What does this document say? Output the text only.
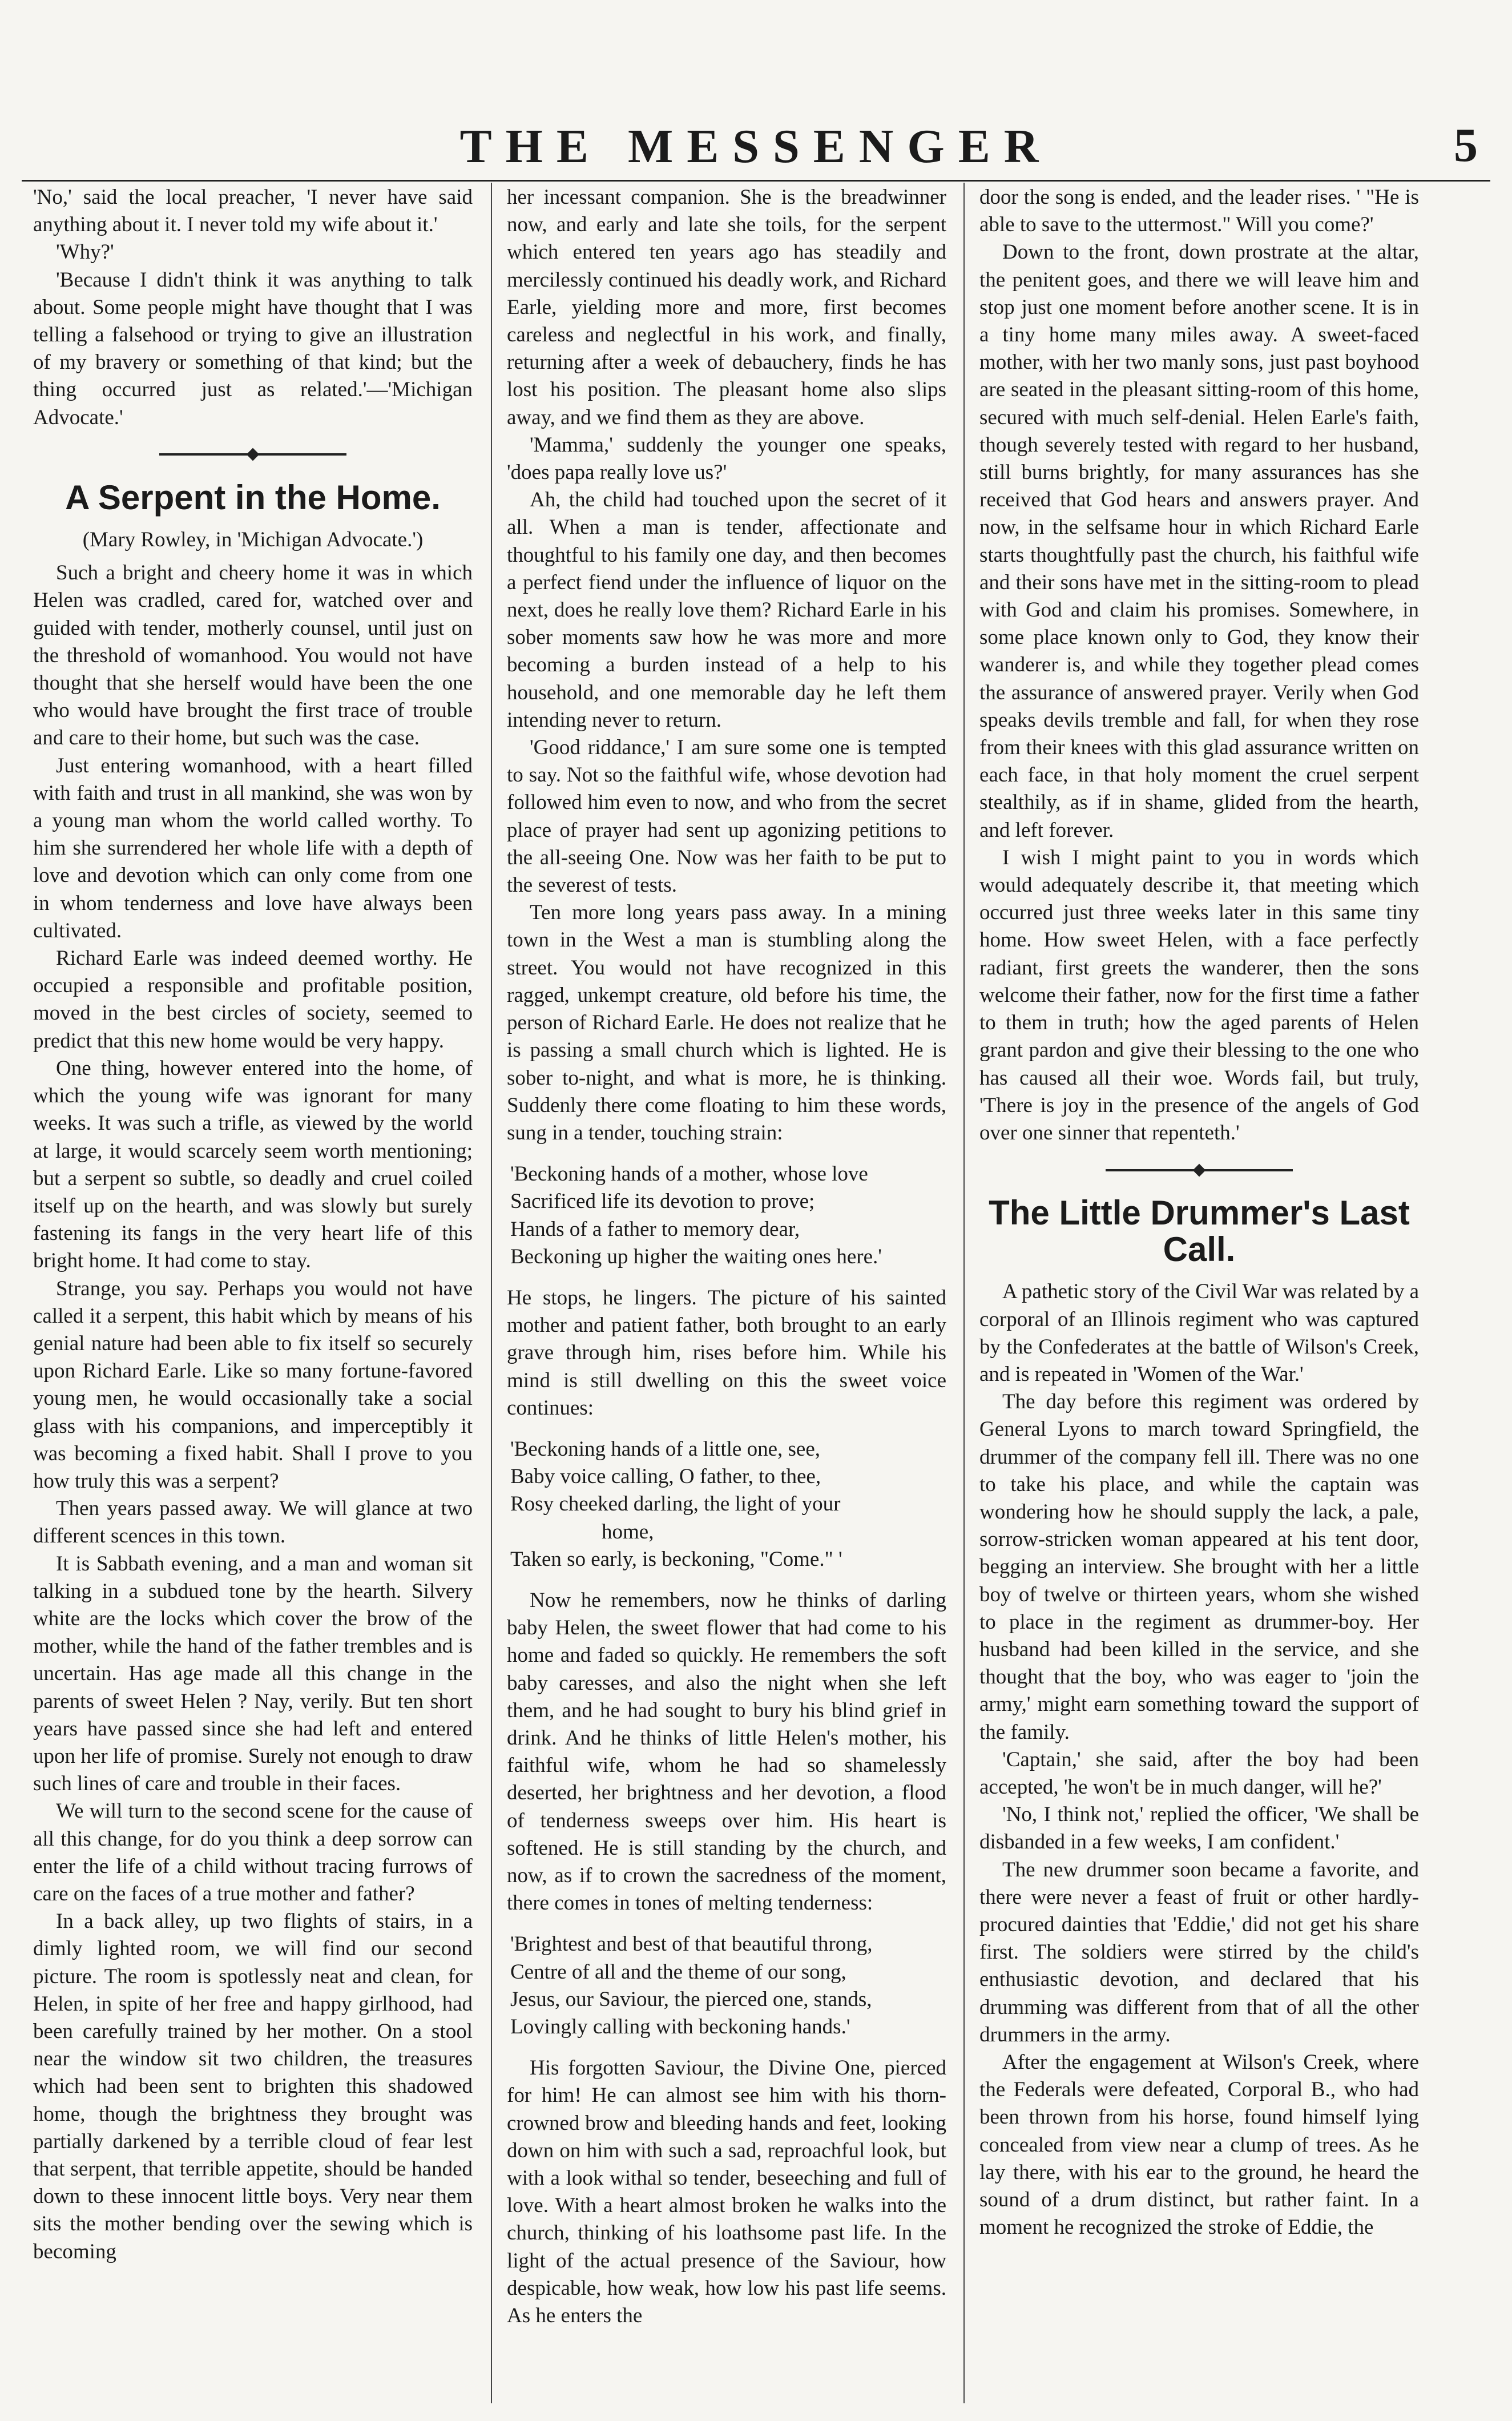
THE MESSENGER	5

'No,' said the local preacher, 'I never have said anything about it. I never told my wife about it.'

'Why?'

'Because I didn't think it was anything to talk about. Some people might have thought that I was telling a falsehood or trying to give an illustration of my bravery or something of that kind; but the thing occurred just as related.'—'Michigan Advocate.'

A Serpent in the Home.

(Mary Rowley, in 'Michigan Advocate.')

Such a bright and cheery home it was in which Helen was cradled, cared for, watched over and guided with tender, motherly counsel, until just on the threshold of womanhood. You would not have thought that she herself would have been the one who would have brought the first trace of trouble and care to their home, but such was the case.

Just entering womanhood, with a heart filled with faith and trust in all mankind, she was won by a young man whom the world called worthy. To him she surrendered her whole life with a depth of love and devotion which can only come from one in whom tenderness and love have always been cultivated.

Richard Earle was indeed deemed worthy. He occupied a responsible and profitable position, moved in the best circles of society, seemed to predict that this new home would be very happy.

One thing, however entered into the home, of which the young wife was ignorant for many weeks. It was such a trifle, as viewed by the world at large, it would scarcely seem worth mentioning; but a serpent so subtle, so deadly and cruel coiled itself up on the hearth, and was slowly but surely fastening its fangs in the very heart life of this bright home. It had come to stay.

Strange, you say. Perhaps you would not have called it a serpent, this habit which by means of his genial nature had been able to fix itself so securely upon Richard Earle. Like so many fortune-favored young men, he would occasionally take a social glass with his companions, and imperceptibly it was becoming a fixed habit. Shall I prove to you how truly this was a serpent?

Then years passed away. We will glance at two different scences in this town.

It is Sabbath evening, and a man and woman sit talking in a subdued tone by the hearth. Silvery white are the locks which cover the brow of the mother, while the hand of the father trembles and is uncertain. Has age made all this change in the parents of sweet Helen ? Nay, verily. But ten short years have passed since she had left and entered upon her life of promise. Surely not enough to draw such lines of care and trouble in their faces.

We will turn to the second scene for the cause of all this change, for do you think a deep sorrow can enter the life of a child without tracing furrows of care on the faces of a true mother and father?

In a back alley, up two flights of stairs, in a dimly lighted room, we will find our second picture. The room is spotlessly neat and clean, for Helen, in spite of her free and happy girlhood, had been carefully trained by her mother. On a stool near the window sit two children, the treasures which had been sent to brighten this shadowed home, though the brightness they brought was partially darkened by a terrible cloud of fear lest that serpent, that terrible appetite, should be handed down to these innocent little boys. Very near them sits the mother bending over the sewing which is becoming

her incessant companion. She is the breadwinner now, and early and late she toils, for the serpent which entered ten years ago has steadily and mercilessly continued his deadly work, and Richard Earle, yielding more and more, first becomes careless and neglectful in his work, and finally, returning after a week of debauchery, finds he has lost his position. The pleasant home also slips away, and we find them as they are above.

'Mamma,' suddenly the younger one speaks, 'does papa really love us?'

Ah, the child had touched upon the secret of it all. When a man is tender, affectionate and thoughtful to his family one day, and then becomes a perfect fiend under the influence of liquor on the next, does he really love them? Richard Earle in his sober moments saw how he was more and more becoming a burden instead of a help to his household, and one memorable day he left them intending never to return.

'Good riddance,' I am sure some one is tempted to say. Not so the faithful wife, whose devotion had followed him even to now, and who from the secret place of prayer had sent up agonizing petitions to the all-seeing One. Now was her faith to be put to the severest of tests.

Ten more long years pass away. In a mining town in the West a man is stumbling along the street. You would not have recognized in this ragged, unkempt creature, old before his time, the person of Richard Earle. He does not realize that he is passing a small church which is lighted. He is sober to-night, and what is more, he is thinking. Suddenly there come floating to him these words, sung in a tender, touching strain:

'Beckoning hands of a mother, whose love
Sacrificed life its devotion to prove;
Hands of a father to memory dear,
Beckoning up higher the waiting ones here.'

He stops, he lingers. The picture of his sainted mother and patient father, both brought to an early grave through him, rises before him. While his mind is still dwelling on this the sweet voice continues:

'Beckoning hands of a little one, see,
Baby voice calling, O father, to thee,
Rosy cheeked darling, the light of your
home,
Taken so early, is beckoning, "Come." '

Now he remembers, now he thinks of darling baby Helen, the sweet flower that had come to his home and faded so quickly. He remembers the soft baby caresses, and also the night when she left them, and he had sought to bury his blind grief in drink. And he thinks of little Helen's mother, his faithful wife, whom he had so shamelessly deserted, her brightness and her devotion, a flood of tenderness sweeps over him. His heart is softened. He is still standing by the church, and now, as if to crown the sacredness of the moment, there comes in tones of melting tenderness:

'Brightest and best of that beautiful throng,
Centre of all and the theme of our song,
Jesus, our Saviour, the pierced one, stands,
Lovingly calling with beckoning hands.'

His forgotten Saviour, the Divine One, pierced for him! He can almost see him with his thorn-crowned brow and bleeding hands and feet, looking down on him with such a sad, reproachful look, but with a look withal so tender, beseeching and full of love. With a heart almost broken he walks into the church, thinking of his loathsome past life. In the light of the actual presence of the Saviour, how despicable, how weak, how low his past life seems. As he enters the

door the song is ended, and the leader rises. ' "He is able to save to the uttermost." Will you come?'

Down to the front, down prostrate at the altar, the penitent goes, and there we will leave him and stop just one moment before another scene. It is in a tiny home many miles away. A sweet-faced mother, with her two manly sons, just past boyhood are seated in the pleasant sitting-room of this home, secured with much self-denial. Helen Earle's faith, though severely tested with regard to her husband, still burns brightly, for many assurances has she received that God hears and answers prayer. And now, in the selfsame hour in which Richard Earle starts thoughtfully past the church, his faithful wife and their sons have met in the sitting-room to plead with God and claim his promises. Somewhere, in some place known only to God, they know their wanderer is, and while they together plead comes the assurance of answered prayer. Verily when God speaks devils tremble and fall, for when they rose from their knees with this glad assurance written on each face, in that holy moment the cruel serpent stealthily, as if in shame, glided from the hearth, and left forever.

I wish I might paint to you in words which would adequately describe it, that meeting which occurred just three weeks later in this same tiny home. How sweet Helen, with a face perfectly radiant, first greets the wanderer, then the sons welcome their father, now for the first time a father to them in truth; how the aged parents of Helen grant pardon and give their blessing to the one who has caused all their woe. Words fail, but truly, 'There is joy in the presence of the angels of God over one sinner that repenteth.'

The Little Drummer's Last Call.

A pathetic story of the Civil War was related by a corporal of an Illinois regiment who was captured by the Confederates at the battle of Wilson's Creek, and is repeated in 'Women of the War.'

The day before this regiment was ordered by General Lyons to march toward Springfield, the drummer of the company fell ill. There was no one to take his place, and while the captain was wondering how he should supply the lack, a pale, sorrow-stricken woman appeared at his tent door, begging an interview. She brought with her a little boy of twelve or thirteen years, whom she wished to place in the regiment as drummer-boy. Her husband had been killed in the service, and she thought that the boy, who was eager to 'join the army,' might earn something toward the support of the family.

'Captain,' she said, after the boy had been accepted, 'he won't be in much danger, will he?'

'No, I think not,' replied the officer, 'We shall be disbanded in a few weeks, I am confident.'

The new drummer soon became a favorite, and there were never a feast of fruit or other hardly-procured dainties that 'Eddie,' did not get his share first. The soldiers were stirred by the child's enthusiastic devotion, and declared that his drumming was different from that of all the other drummers in the army.

After the engagement at Wilson's Creek, where the Federals were defeated, Corporal B., who had been thrown from his horse, found himself lying concealed from view near a clump of trees. As he lay there, with his ear to the ground, he heard the sound of a drum distinct, but rather faint. In a moment he recognized the stroke of Eddie, the
